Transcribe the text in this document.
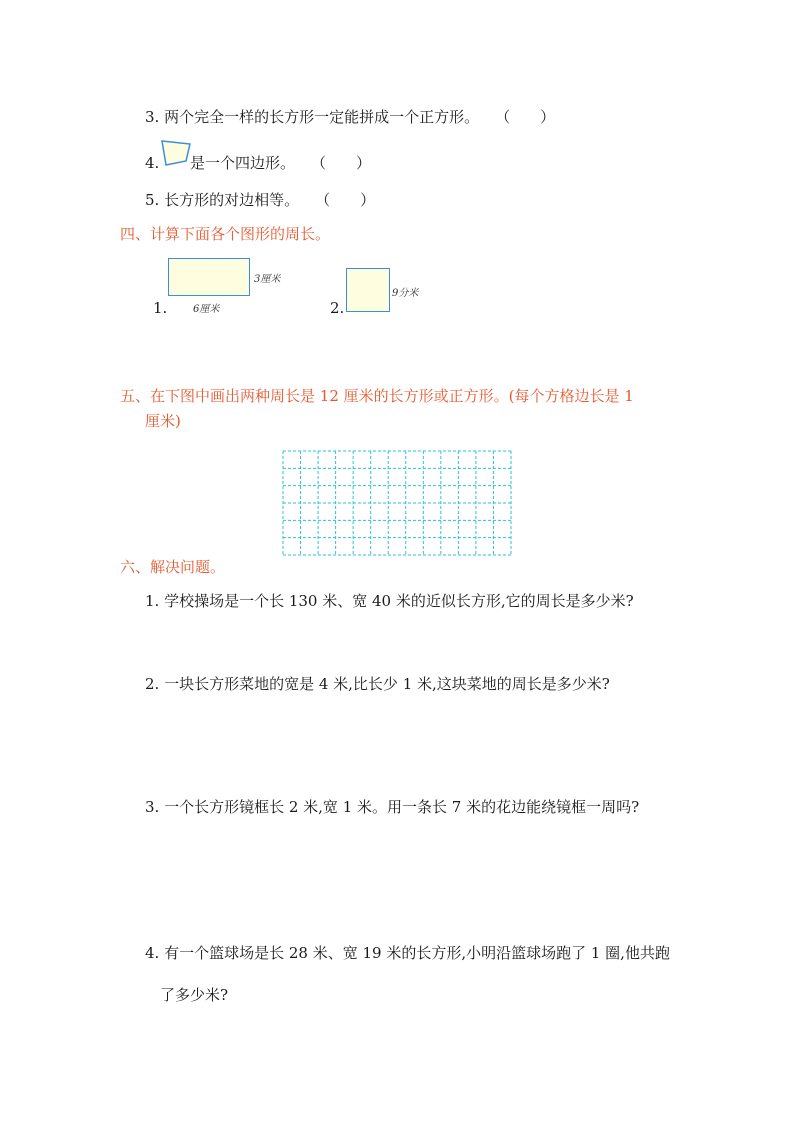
3. 两个完全一样的长方形一定能拼成一个正方形。 （　　）
4. 是一个四边形。 （　　）
5. 长方形的对边相等。 （　　）
四、计算下面各个图形的周长。
1.
3厘米
6厘米	2.
9分米
五、在下图中画出两种周长是 12 厘米的长方形或正方形。(每个方格边长是 1
厘米)
六、解决问题。
1. 学校操场是一个长 130 米、宽 40 米的近似长方形,它的周长是多少米?
2. 一块长方形菜地的宽是 4 米,比长少 1 米,这块菜地的周长是多少米?
3. 一个长方形镜框长 2 米,宽 1 米。用一条长 7 米的花边能绕镜框一周吗?
4. 有一个篮球场是长 28 米、宽 19 米的长方形,小明沿篮球场跑了 1 圈,他共跑
了多少米?
